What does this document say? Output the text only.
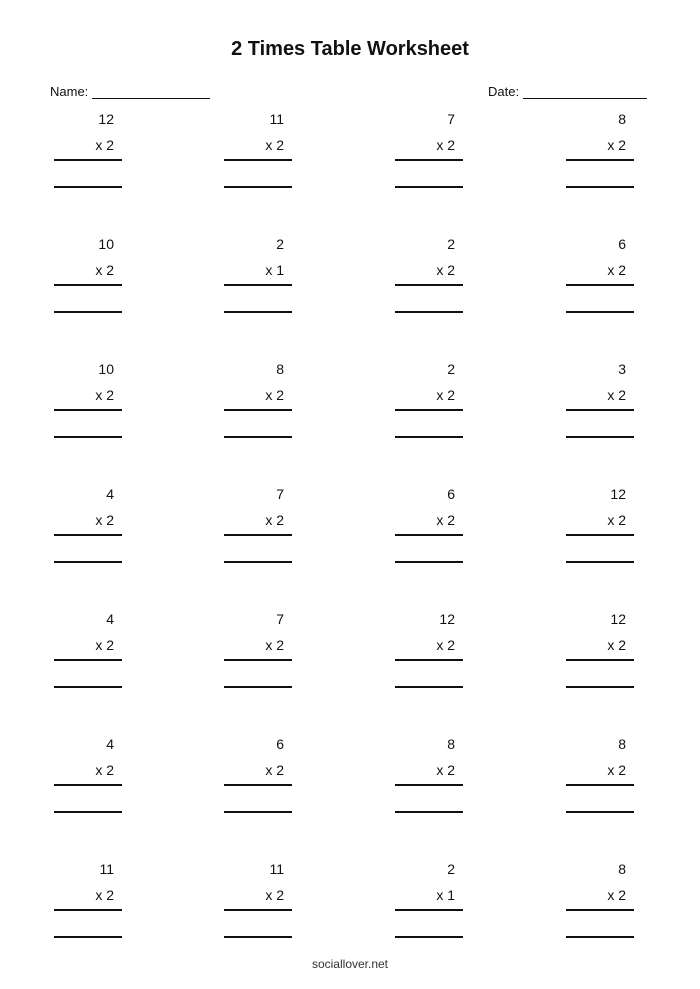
2 Times Table Worksheet
Name:	Date:
12
x 2
11
x 2
7
x 2
8
x 2
10
x 2
2
x 1
2
x 2
6
x 2
10
x 2
8
x 2
2
x 2
3
x 2
4
x 2
7
x 2
6
x 2
12
x 2
4
x 2
7
x 2
12
x 2
12
x 2
4
x 2
6
x 2
8
x 2
8
x 2
11
x 2
11
x 2
2
x 1
8
x 2
sociallover.net
